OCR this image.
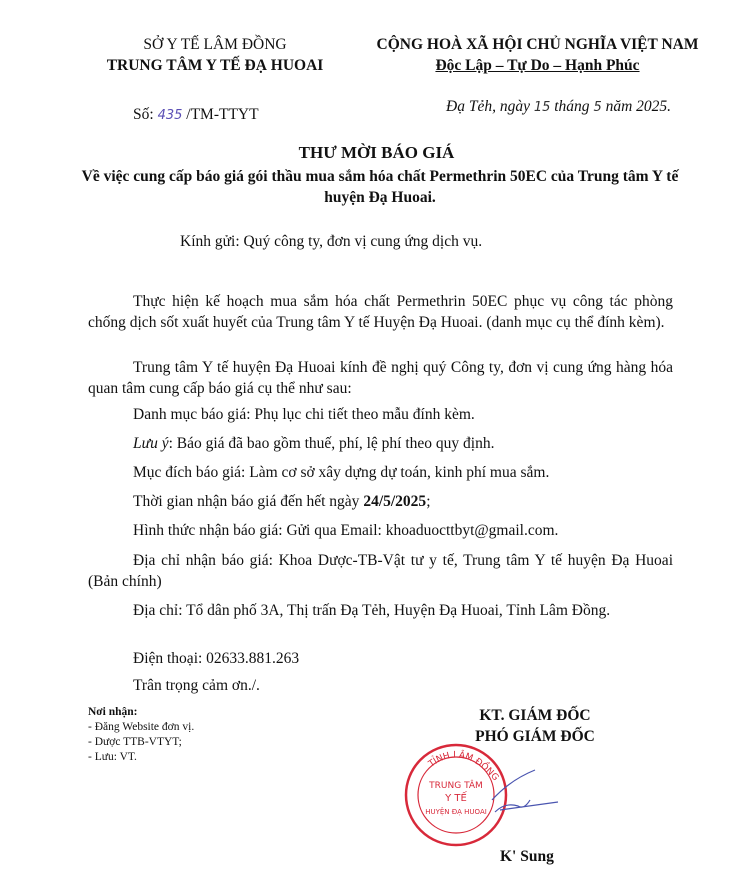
SỞ Y TẾ LÂM ĐỒNG
TRUNG TÂM Y TẾ ĐẠ HUOAI
CỘNG HOÀ XÃ HỘI CHỦ NGHĨA VIỆT NAM
Độc Lập – Tự Do – Hạnh Phúc
Số: 435 /TM-TTYT	Đạ Tẻh, ngày 15 tháng 5 năm 2025.
THƯ MỜI BÁO GIÁ
Về việc cung cấp báo giá gói thầu mua sắm hóa chất Permethrin 50EC của Trung tâm Y tế huyện Đạ Huoai.
Kính gửi: Quý công ty, đơn vị cung ứng dịch vụ.
Thực hiện kế hoạch mua sắm hóa chất Permethrin 50EC phục vụ công tác phòng chống dịch sốt xuất huyết của Trung tâm Y tế Huyện Đạ Huoai. (danh mục cụ thể đính kèm).
Trung tâm Y tế huyện Đạ Huoai kính đề nghị quý Công ty, đơn vị cung ứng hàng hóa quan tâm cung cấp báo giá cụ thể như sau:
Danh mục báo giá: Phụ lục chi tiết theo mẫu đính kèm.
Lưu ý: Báo giá đã bao gồm thuế, phí, lệ phí theo quy định.
Mục đích báo giá: Làm cơ sở xây dựng dự toán, kinh phí mua sắm.
Thời gian nhận báo giá đến hết ngày 24/5/2025;
Hình thức nhận báo giá: Gửi qua Email: khoaduocttbyt@gmail.com.
Địa chỉ nhận báo giá: Khoa Dược-TB-Vật tư y tế, Trung tâm Y tế huyện Đạ Huoai (Bản chính)
Địa chỉ: Tổ dân phố 3A, Thị trấn Đạ Tẻh, Huyện Đạ Huoai, Tỉnh Lâm Đồng.
Điện thoại: 02633.881.263
Trân trọng cảm ơn./.
Nơi nhận:
- Đăng Website đơn vị.
- Dược TTB-VTYT;
- Lưu: VT.
KT. GIÁM ĐỐC
PHÓ GIÁM ĐỐC
TỈNH LÂM ĐỒNG
TRUNG TÂM
Y TẾ
HUYỆN ĐẠ HUOAI
K' Sung
